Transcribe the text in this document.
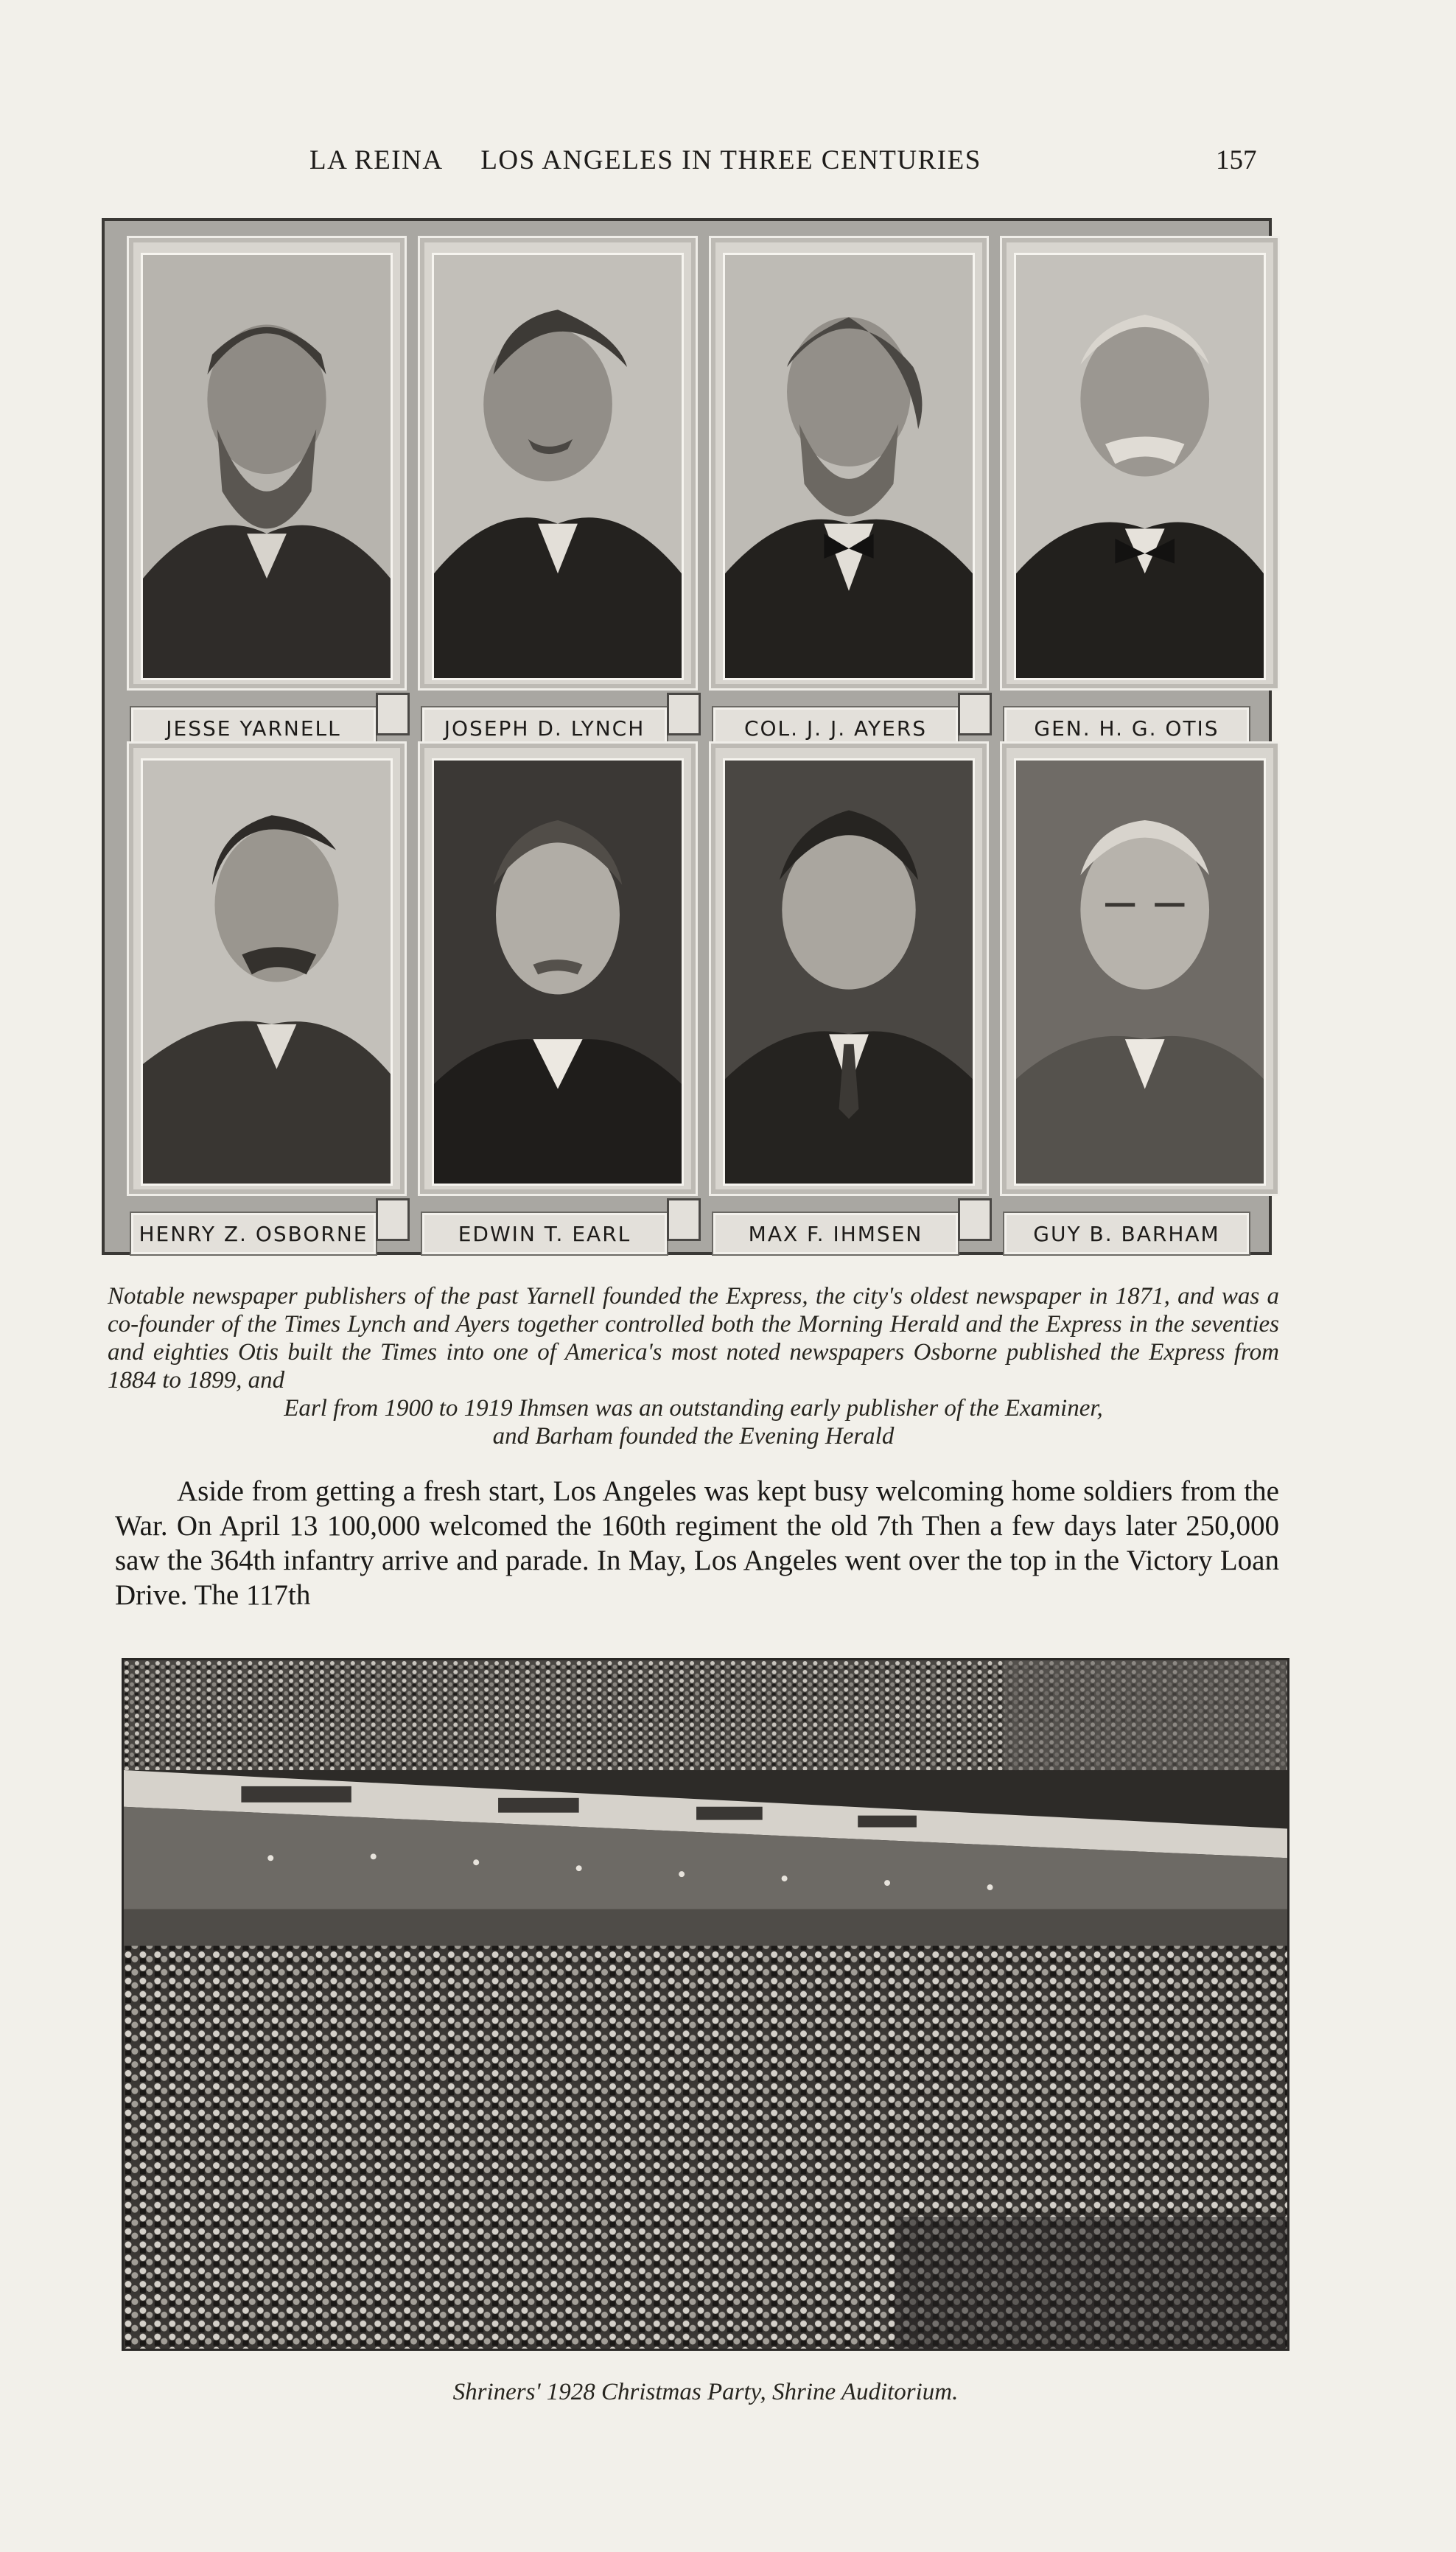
LA REINA LOS ANGELES IN THREE CENTURIES	157
JESSE YARNELL	JOSEPH D. LYNCH	COL. J. J. AYERS	GEN. H. G. OTIS
HENRY Z. OSBORNE	EDWIN T. EARL	MAX F. IHMSEN	GUY B. BARHAM
Notable newspaper publishers of the past Yarnell founded the Express, the city's oldest newspaper in 1871, and was a co-founder of the Times Lynch and Ayers together controlled both the Morning Herald and the Express in the seventies and eighties Otis built the Times into one of America's most noted newspapers Osborne published the Express from 1884 to 1899, and
Earl from 1900 to 1919 Ihmsen was an outstanding early publisher of the Examiner,
and Barham founded the Evening Herald
Aside from getting a fresh start, Los Angeles was kept busy welcoming home soldiers from the War. On April 13 100,000 welcomed the 160th regiment the old 7th Then a few days later 250,000 saw the 364th infantry arrive and parade. In May, Los Angeles went over the top in the Victory Loan Drive. The 117th
Shriners' 1928 Christmas Party, Shrine Auditorium.
